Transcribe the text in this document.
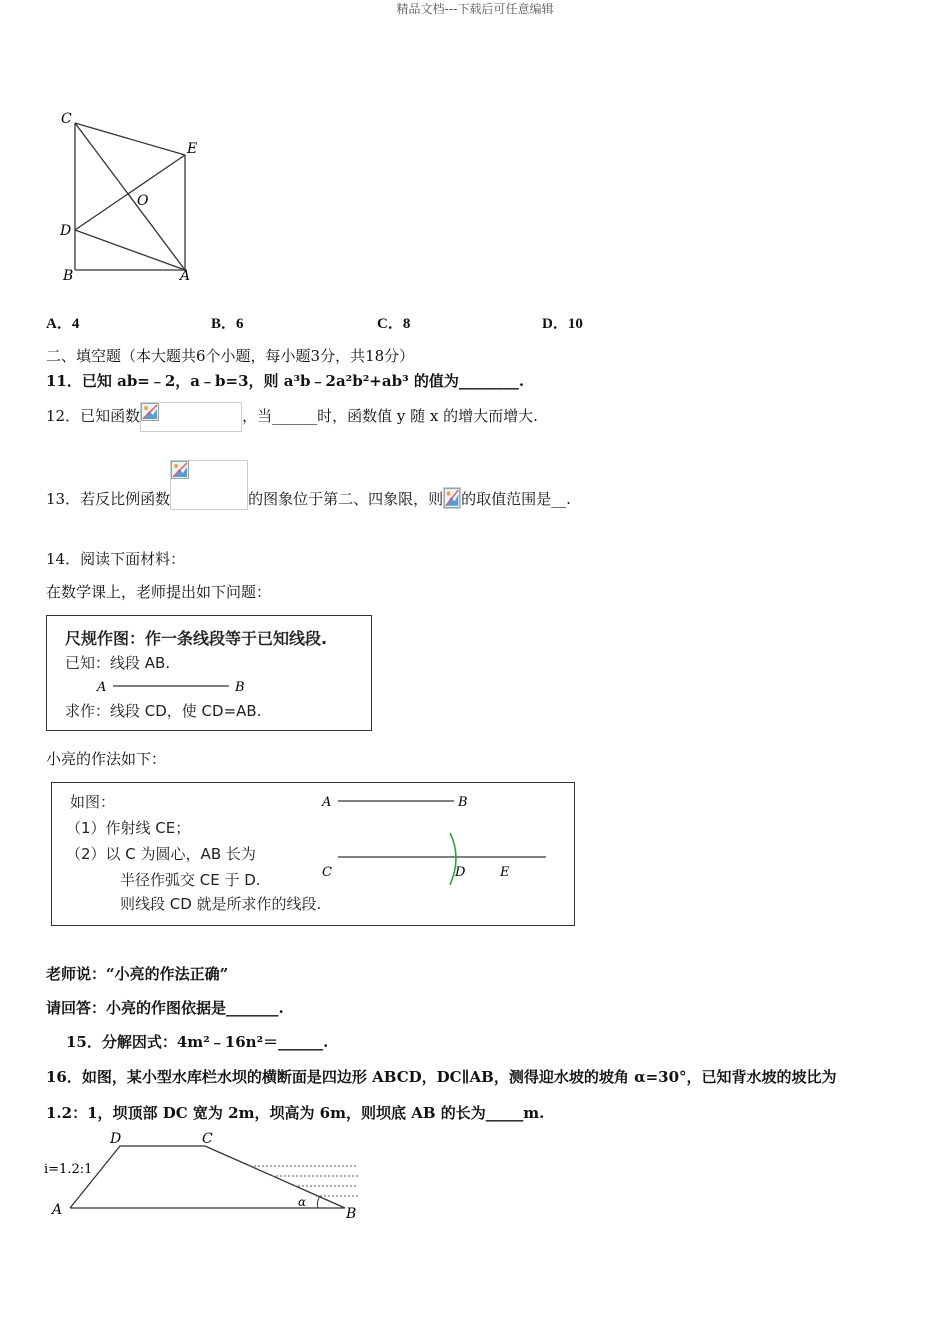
精品文档---下载后可任意编辑
C
E
O
D
B	A
A．4	B．6	C．8	D．10
二、填空题（本大题共6个小题，每小题3分，共18分）
11．已知 ab=﹣2，a﹣b=3，则 a³b﹣2a²b²+ab³ 的值为________.
12．已知函数	，当______时，函数值 y 随 x 的增大而增大.
13．若反比例函数	的图象位于第二、四象限，则 的取值范围是__.
14．阅读下面材料：
在数学课上，老师提出如下问题：
尺规作图：作一条线段等于已知线段.
已知：线段 AB.
A	B
求作：线段 CD，使 CD=AB.
小亮的作法如下：
如图：
（1）作射线 CE；
（2）以 C 为圆心，AB 长为
半径作弧交 CE 于 D.
则线段 CD 就是所求作的线段.
A	B
C	D	E
老师说：“小亮的作法正确”
请回答：小亮的作图依据是_______.
15．分解因式：4m²﹣16n²＝______.
16．如图，某小型水库栏水坝的横断面是四边形 ABCD，DC∥AB，测得迎水坡的坡角 α=30°，已知背水坡的坡比为
1.2：1，坝顶部 DC 宽为 2m，坝高为 6m，则坝底 AB 的长为_____m.
D	C
A	B
i=1.2:1
α
